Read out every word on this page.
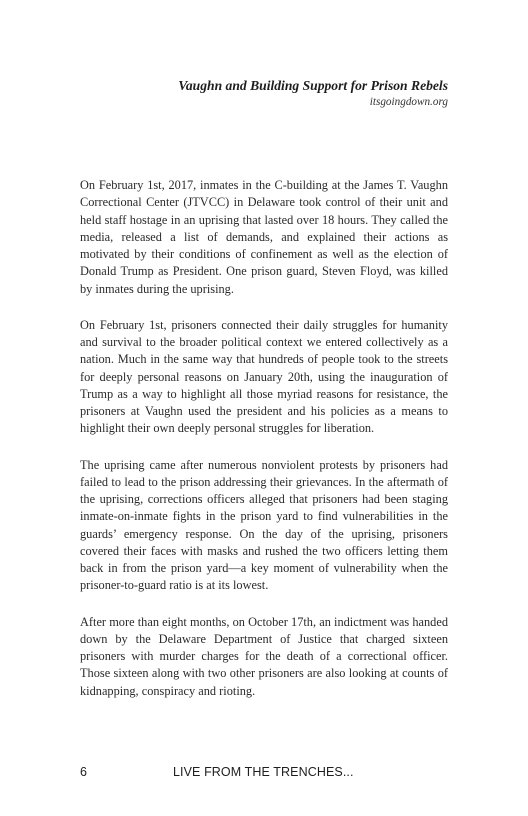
Vaughn and Building Support for Prison Rebels
itsgoingdown.org

On February 1st, 2017, inmates in the C-building at the James T. Vaughn Correctional Center (JTVCC) in Delaware took control of their unit and held staff hostage in an uprising that lasted over 18 hours. They called the media, released a list of demands, and explained their actions as motivated by their conditions of confinement as well as the election of Donald Trump as President. One prison guard, Steven Floyd, was killed by inmates during the uprising.

On February 1st, prisoners connected their daily struggles for humanity and survival to the broader political context we entered collectively as a nation. Much in the same way that hundreds of people took to the streets for deeply personal reasons on January 20th, using the inauguration of Trump as a way to highlight all those myriad reasons for resistance, the prisoners at Vaughn used the president and his policies as a means to highlight their own deeply personal struggles for liberation.

The uprising came after numerous nonviolent protests by prisoners had failed to lead to the prison addressing their grievances. In the aftermath of the uprising, corrections officers alleged that prisoners had been staging inmate-on-inmate fights in the prison yard to find vulnerabilities in the guards’ emergency response. On the day of the uprising, prisoners covered their faces with masks and rushed the two officers letting them back in from the prison yard—a key moment of vulnerability when the prisoner-to-guard ratio is at its lowest.

After more than eight months, on October 17th, an indictment was handed down by the Delaware Department of Justice that charged sixteen prisoners with murder charges for the death of a correctional officer. Those sixteen along with two other prisoners are also looking at counts of kidnapping, conspiracy and rioting.

6	LIVE FROM THE TRENCHES...
